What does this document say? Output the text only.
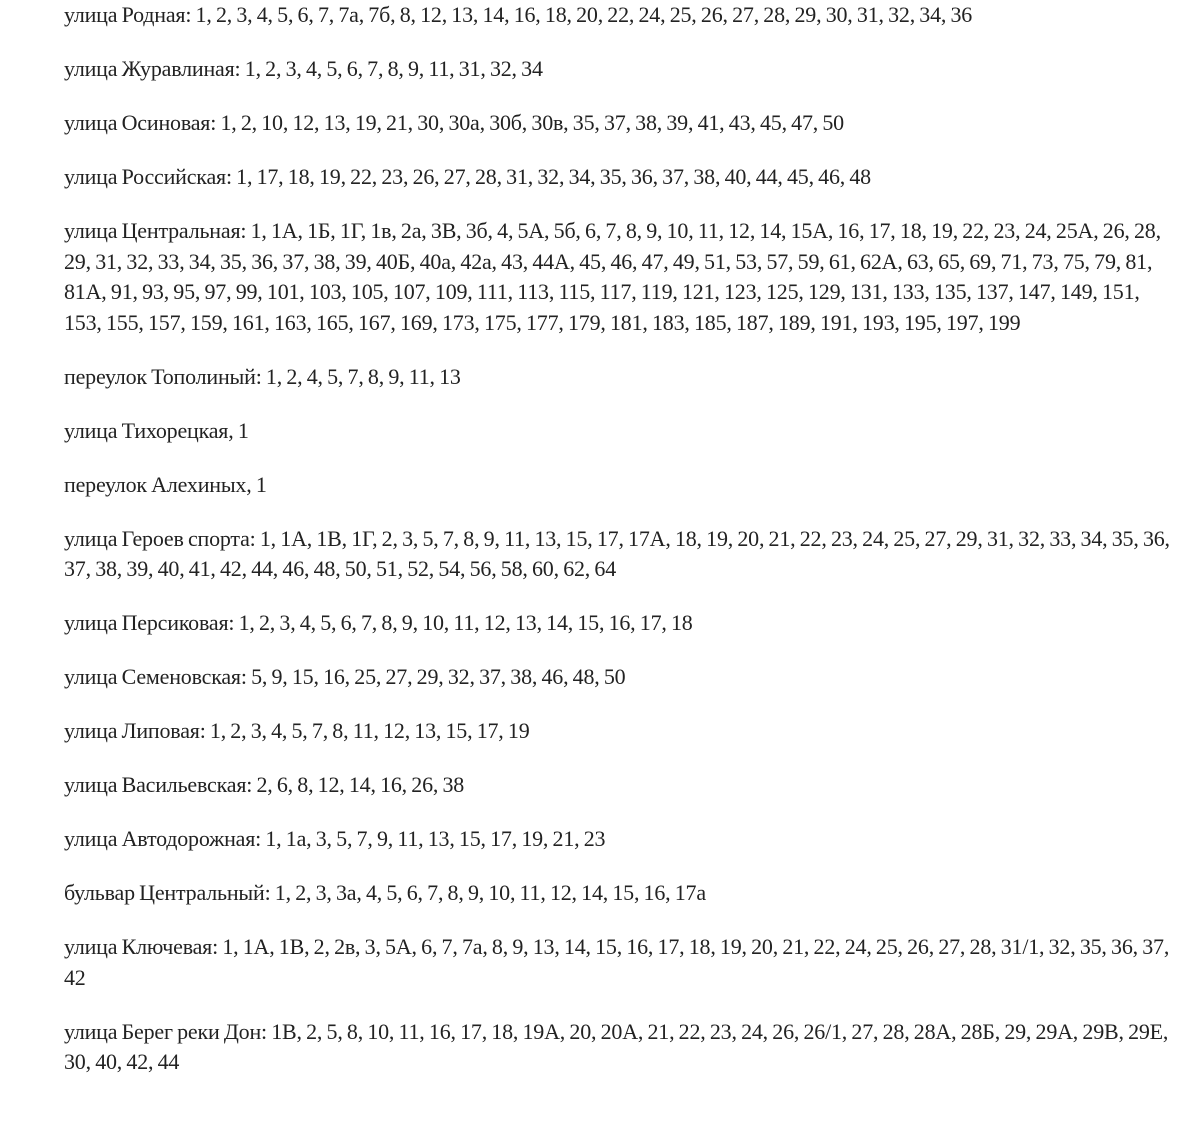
улица Родная: 1, 2, 3, 4, 5, 6, 7, 7а, 7б, 8, 12, 13, 14, 16, 18, 20, 22, 24, 25, 26, 27, 28, 29, 30, 31, 32, 34, 36

улица Журавлиная: 1, 2, 3, 4, 5, 6, 7, 8, 9, 11, 31, 32, 34

улица Осиновая: 1, 2, 10, 12, 13, 19, 21, 30, 30а, 30б, 30в, 35, 37, 38, 39, 41, 43, 45, 47, 50

улица Российская: 1, 17, 18, 19, 22, 23, 26, 27, 28, 31, 32, 34, 35, 36, 37, 38, 40, 44, 45, 46, 48

улица Центральная: 1, 1А, 1Б, 1Г, 1в, 2а, 3В, 3б, 4, 5А, 5б, 6, 7, 8, 9, 10, 11, 12, 14, 15А, 16, 17, 18, 19, 22, 23, 24, 25А, 26, 28, 29, 31, 32, 33, 34, 35, 36, 37, 38, 39, 40Б, 40а, 42а, 43, 44А, 45, 46, 47, 49, 51, 53, 57, 59, 61, 62А, 63, 65, 69, 71, 73, 75, 79, 81, 81А, 91, 93, 95, 97, 99, 101, 103, 105, 107, 109, 111, 113, 115, 117, 119, 121, 123, 125, 129, 131, 133, 135, 137, 147, 149, 151, 153, 155, 157, 159, 161, 163, 165, 167, 169, 173, 175, 177, 179, 181, 183, 185, 187, 189, 191, 193, 195, 197, 199

переулок Тополиный: 1, 2, 4, 5, 7, 8, 9, 11, 13

улица Тихорецкая, 1

переулок Алехиных, 1

улица Героев спорта: 1, 1А, 1В, 1Г, 2, 3, 5, 7, 8, 9, 11, 13, 15, 17, 17А, 18, 19, 20, 21, 22, 23, 24, 25, 27, 29, 31, 32, 33, 34, 35, 36, 37, 38, 39, 40, 41, 42, 44, 46, 48, 50, 51, 52, 54, 56, 58, 60, 62, 64

улица Персиковая: 1, 2, 3, 4, 5, 6, 7, 8, 9, 10, 11, 12, 13, 14, 15, 16, 17, 18

улица Семеновская: 5, 9, 15, 16, 25, 27, 29, 32, 37, 38, 46, 48, 50

улица Липовая: 1, 2, 3, 4, 5, 7, 8, 11, 12, 13, 15, 17, 19

улица Васильевская: 2, 6, 8, 12, 14, 16, 26, 38

улица Автодорожная: 1, 1а, 3, 5, 7, 9, 11, 13, 15, 17, 19, 21, 23

бульвар Центральный: 1, 2, 3, 3а, 4, 5, 6, 7, 8, 9, 10, 11, 12, 14, 15, 16, 17а

улица Ключевая: 1, 1А, 1В, 2, 2в, 3, 5А, 6, 7, 7а, 8, 9, 13, 14, 15, 16, 17, 18, 19, 20, 21, 22, 24, 25, 26, 27, 28, 31/1, 32, 35, 36, 37, 42

улица Берег реки Дон: 1В, 2, 5, 8, 10, 11, 16, 17, 18, 19А, 20, 20А, 21, 22, 23, 24, 26, 26/1, 27, 28, 28А, 28Б, 29, 29А, 29В, 29Е, 30, 40, 42, 44
